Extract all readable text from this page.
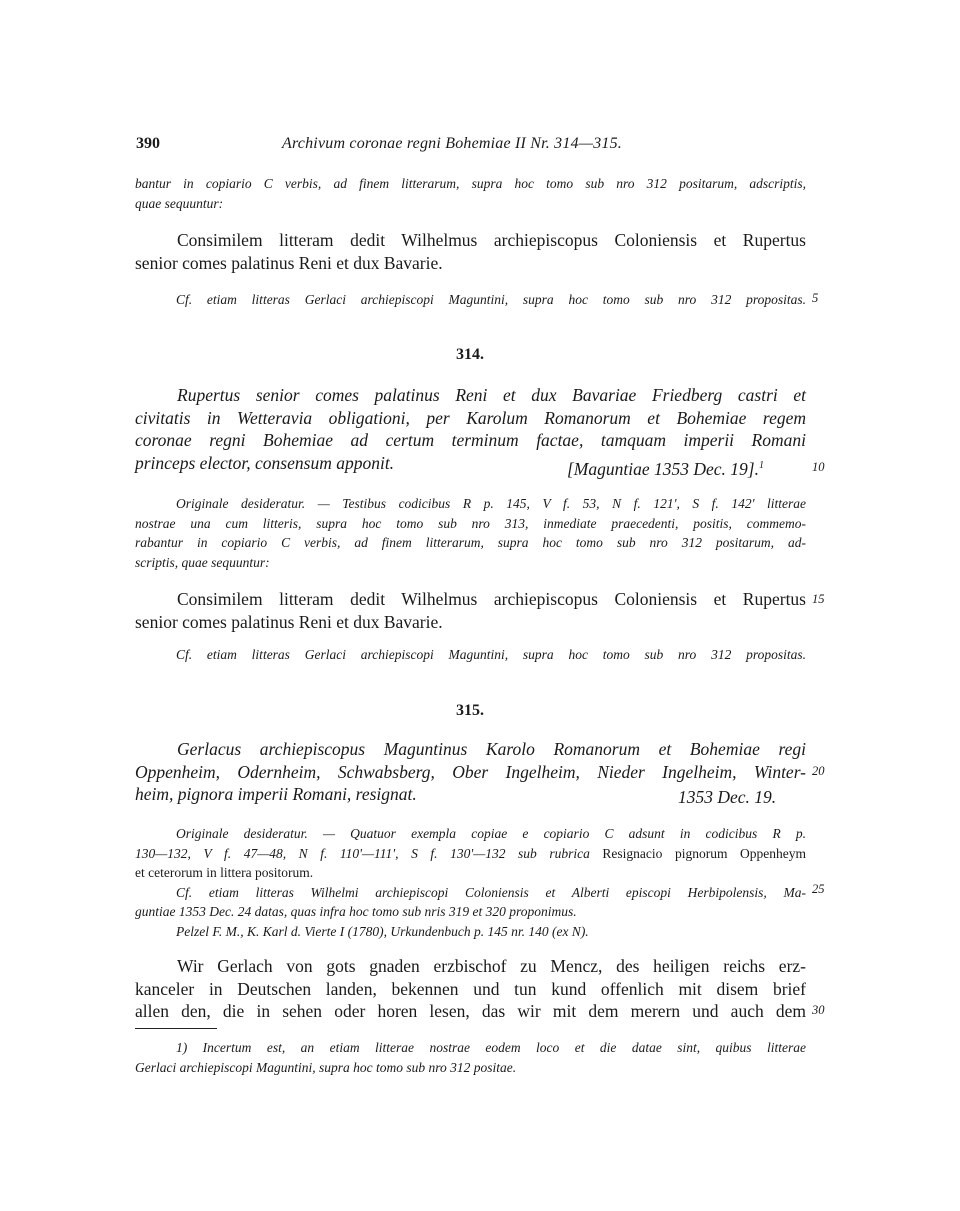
390	Archivum coronae regni Bohemiae II Nr. 314—315.
bantur in copiario C verbis, ad finem litterarum, supra hoc tomo sub nro 312 positarum, adscriptis,
quae sequuntur:
Consimilem litteram dedit Wilhelmus archiepiscopus Coloniensis et Rupertus
senior comes palatinus Reni et dux Bavarie.
Cf. etiam litteras Gerlaci archiepiscopi Maguntini, supra hoc tomo sub nro 312 propositas. 5
314.
Rupertus senior comes palatinus Reni et dux Bavariae Friedberg castri et
civitatis in Wetteravia obligationi, per Karolum Romanorum et Bohemiae regem
coronae regni Bohemiae ad certum terminum factae, tamquam imperii Romani
princeps elector, consensum apponit.	[Maguntiae 1353 Dec. 19].$^1$	10
Originale desideratur. — Testibus codicibus R p. 145, V f. 53, N f. 121', S f. 142' litterae
nostrae una cum litteris, supra hoc tomo sub nro 313, inmediate praecedenti, positis, commemo-
rabantur in copiario C verbis, ad finem litterarum, supra hoc tomo sub nro 312 positarum, ad-
scriptis, quae sequuntur:
Consimilem litteram dedit Wilhelmus archiepiscopus Coloniensis et Rupertus
senior comes palatinus Reni et dux Bavarie.
15
Cf. etiam litteras Gerlaci archiepiscopi Maguntini, supra hoc tomo sub nro 312 propositas.
315.
Gerlacus archiepiscopus Maguntinus Karolo Romanorum et Bohemiae regi
Oppenheim, Odernheim, Schwabsberg, Ober Ingelheim, Nieder Ingelheim, Winter-
heim, pignora imperii Romani, resignat.	1353 Dec. 19.
20
Originale desideratur. — Quatuor exempla copiae e copiario C adsunt in codicibus R p.
130—132, V f. 47—48, N f. 110'—111', S f. 130'—132 sub rubrica Resignacio pignorum Oppenheym
et ceterorum in littera positorum.
Cf. etiam litteras Wilhelmi archiepiscopi Coloniensis et Alberti episcopi Herbipolensis, Ma-
guntiae 1353 Dec. 24 datas, quas infra hoc tomo sub nris 319 et 320 proponimus.
Pelzel F. M., K. Karl d. Vierte I (1780), Urkundenbuch p. 145 nr. 140 (ex N).
25
Wir Gerlach von gots gnaden erzbischof zu Mencz, des heiligen reichs erz-
kanceler in Deutschen landen, bekennen und tun kund offenlich mit disem brief
allen den, die in sehen oder horen lesen, das wir mit dem merern und auch dem 30
1) Incertum est, an etiam litterae nostrae eodem loco et die datae sint, quibus litterae
Gerlaci archiepiscopi Maguntini, supra hoc tomo sub nro 312 positae.
